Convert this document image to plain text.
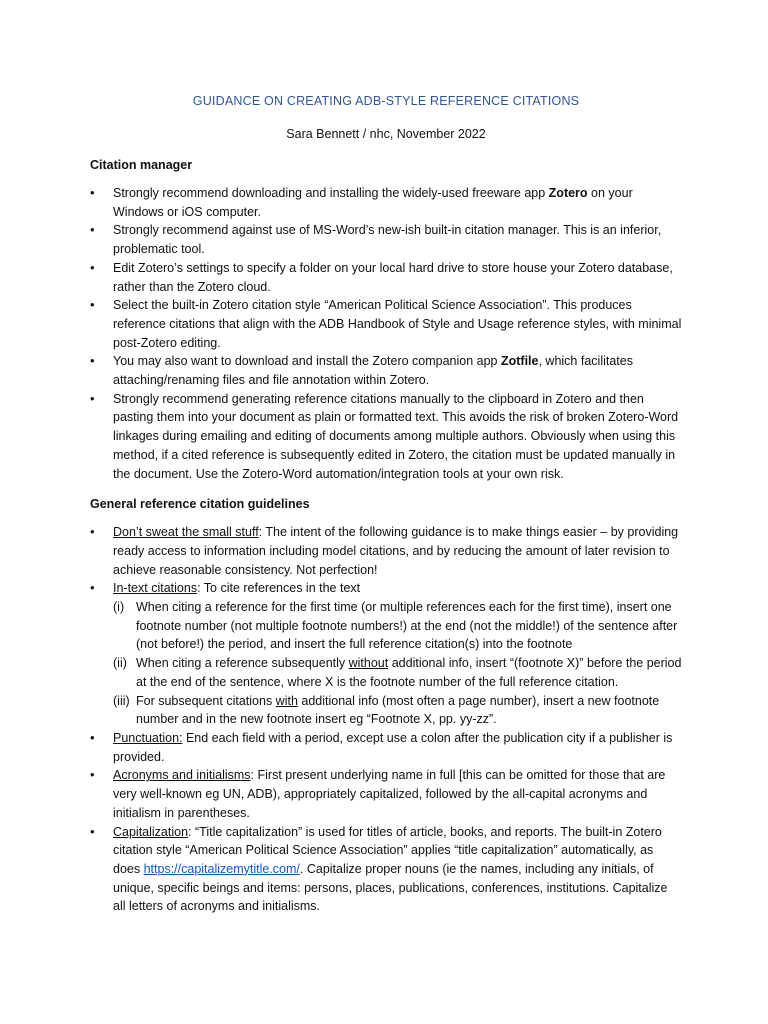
GUIDANCE ON CREATING ADB-STYLE REFERENCE CITATIONS
Sara Bennett / nhc, November 2022
Citation manager
• Strongly recommend downloading and installing the widely-used freeware app Zotero on your Windows or iOS computer.
• Strongly recommend against use of MS-Word’s new-ish built-in citation manager. This is an inferior, problematic tool.
• Edit Zotero’s settings to specify a folder on your local hard drive to store house your Zotero database, rather than the Zotero cloud.
• Select the built-in Zotero citation style “American Political Science Association”. This produces reference citations that align with the ADB Handbook of Style and Usage reference styles, with minimal post-Zotero editing.
• You may also want to download and install the Zotero companion app Zotfile, which facilitates attaching/renaming files and file annotation within Zotero.
• Strongly recommend generating reference citations manually to the clipboard in Zotero and then pasting them into your document as plain or formatted text. This avoids the risk of broken Zotero-Word linkages during emailing and editing of documents among multiple authors. Obviously when using this method, if a cited reference is subsequently edited in Zotero, the citation must be updated manually in the document. Use the Zotero-Word automation/integration tools at your own risk.
General reference citation guidelines
• Don’t sweat the small stuff: The intent of the following guidance is to make things easier – by providing ready access to information including model citations, and by reducing the amount of later revision to achieve reasonable consistency. Not perfection!
• In-text citations: To cite references in the text
(i) When citing a reference for the first time (or multiple references each for the first time), insert one footnote number (not multiple footnote numbers!) at the end (not the middle!) of the sentence after (not before!) the period, and insert the full reference citation(s) into the footnote
(ii) When citing a reference subsequently without additional info, insert “(footnote X)” before the period at the end of the sentence, where X is the footnote number of the full reference citation.
(iii) For subsequent citations with additional info (most often a page number), insert a new footnote number and in the new footnote insert eg “Footnote X, pp. yy-zz”.
• Punctuation: End each field with a period, except use a colon after the publication city if a publisher is provided.
• Acronyms and initialisms: First present underlying name in full [this can be omitted for those that are very well-known eg UN, ADB), appropriately capitalized, followed by the all-capital acronyms and initialism in parentheses.
• Capitalization: “Title capitalization” is used for titles of article, books, and reports. The built-in Zotero citation style “American Political Science Association” applies “title capitalization” automatically, as does https://capitalizemytitle.com/. Capitalize proper nouns (ie the names, including any initials, of unique, specific beings and items: persons, places, publications, conferences, institutions. Capitalize all letters of acronyms and initialisms.
